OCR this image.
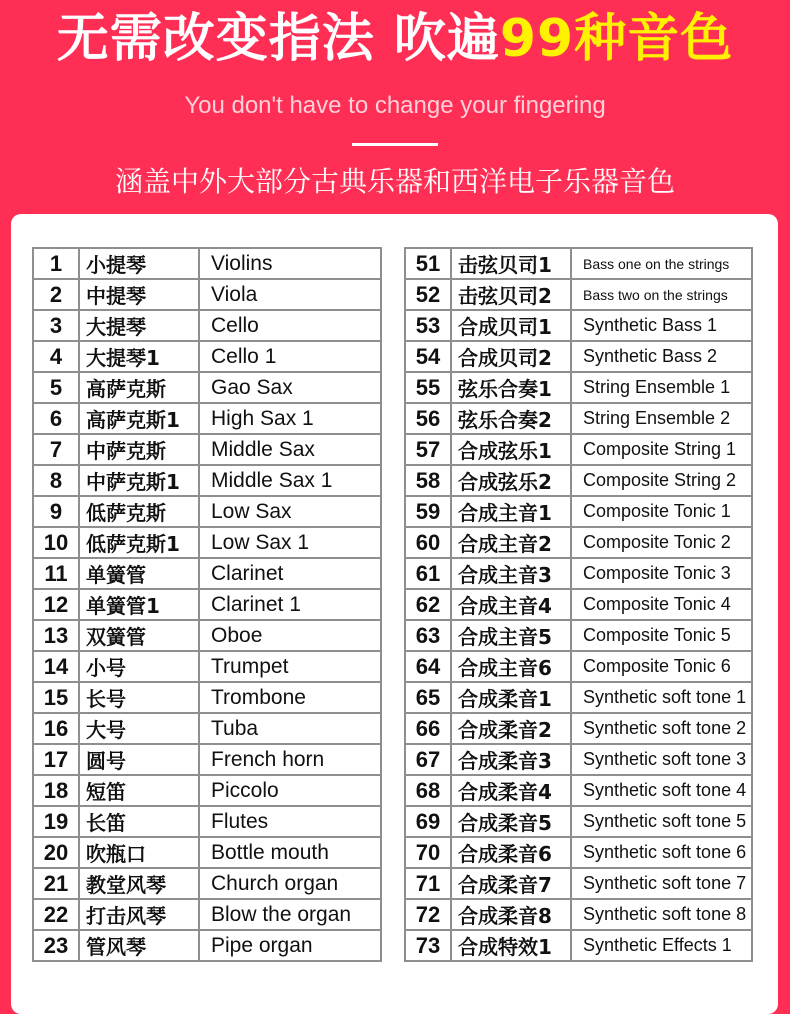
无需改变指法 吹遍99种音色
You don't have to change your fingering
涵盖中外大部分古典乐器和西洋电子乐器音色
1	小提琴	Violins
2	中提琴	Viola
3	大提琴	Cello
4	大提琴1	Cello 1
5	高萨克斯	Gao Sax
6	高萨克斯1	High Sax 1
7	中萨克斯	Middle Sax
8	中萨克斯1	Middle Sax 1
9	低萨克斯	Low Sax
10	低萨克斯1	Low Sax 1
11	单簧管	Clarinet
12	单簧管1	Clarinet 1
13	双簧管	Oboe
14	小号	Trumpet
15	长号	Trombone
16	大号	Tuba
17	圆号	French horn
18	短笛	Piccolo
19	长笛	Flutes
20	吹瓶口	Bottle mouth
21	教堂风琴	Church organ
22	打击风琴	Blow the organ
23	管风琴	Pipe organ
51	击弦贝司1	Bass one on the strings
52	击弦贝司2	Bass two on the strings
53	合成贝司1	Synthetic Bass 1
54	合成贝司2	Synthetic Bass 2
55	弦乐合奏1	String Ensemble 1
56	弦乐合奏2	String Ensemble 2
57	合成弦乐1	Composite String 1
58	合成弦乐2	Composite String 2
59	合成主音1	Composite Tonic 1
60	合成主音2	Composite Tonic 2
61	合成主音3	Composite Tonic 3
62	合成主音4	Composite Tonic 4
63	合成主音5	Composite Tonic 5
64	合成主音6	Composite Tonic 6
65	合成柔音1	Synthetic soft tone 1
66	合成柔音2	Synthetic soft tone 2
67	合成柔音3	Synthetic soft tone 3
68	合成柔音4	Synthetic soft tone 4
69	合成柔音5	Synthetic soft tone 5
70	合成柔音6	Synthetic soft tone 6
71	合成柔音7	Synthetic soft tone 7
72	合成柔音8	Synthetic soft tone 8
73	合成特效1	Synthetic Effects 1
